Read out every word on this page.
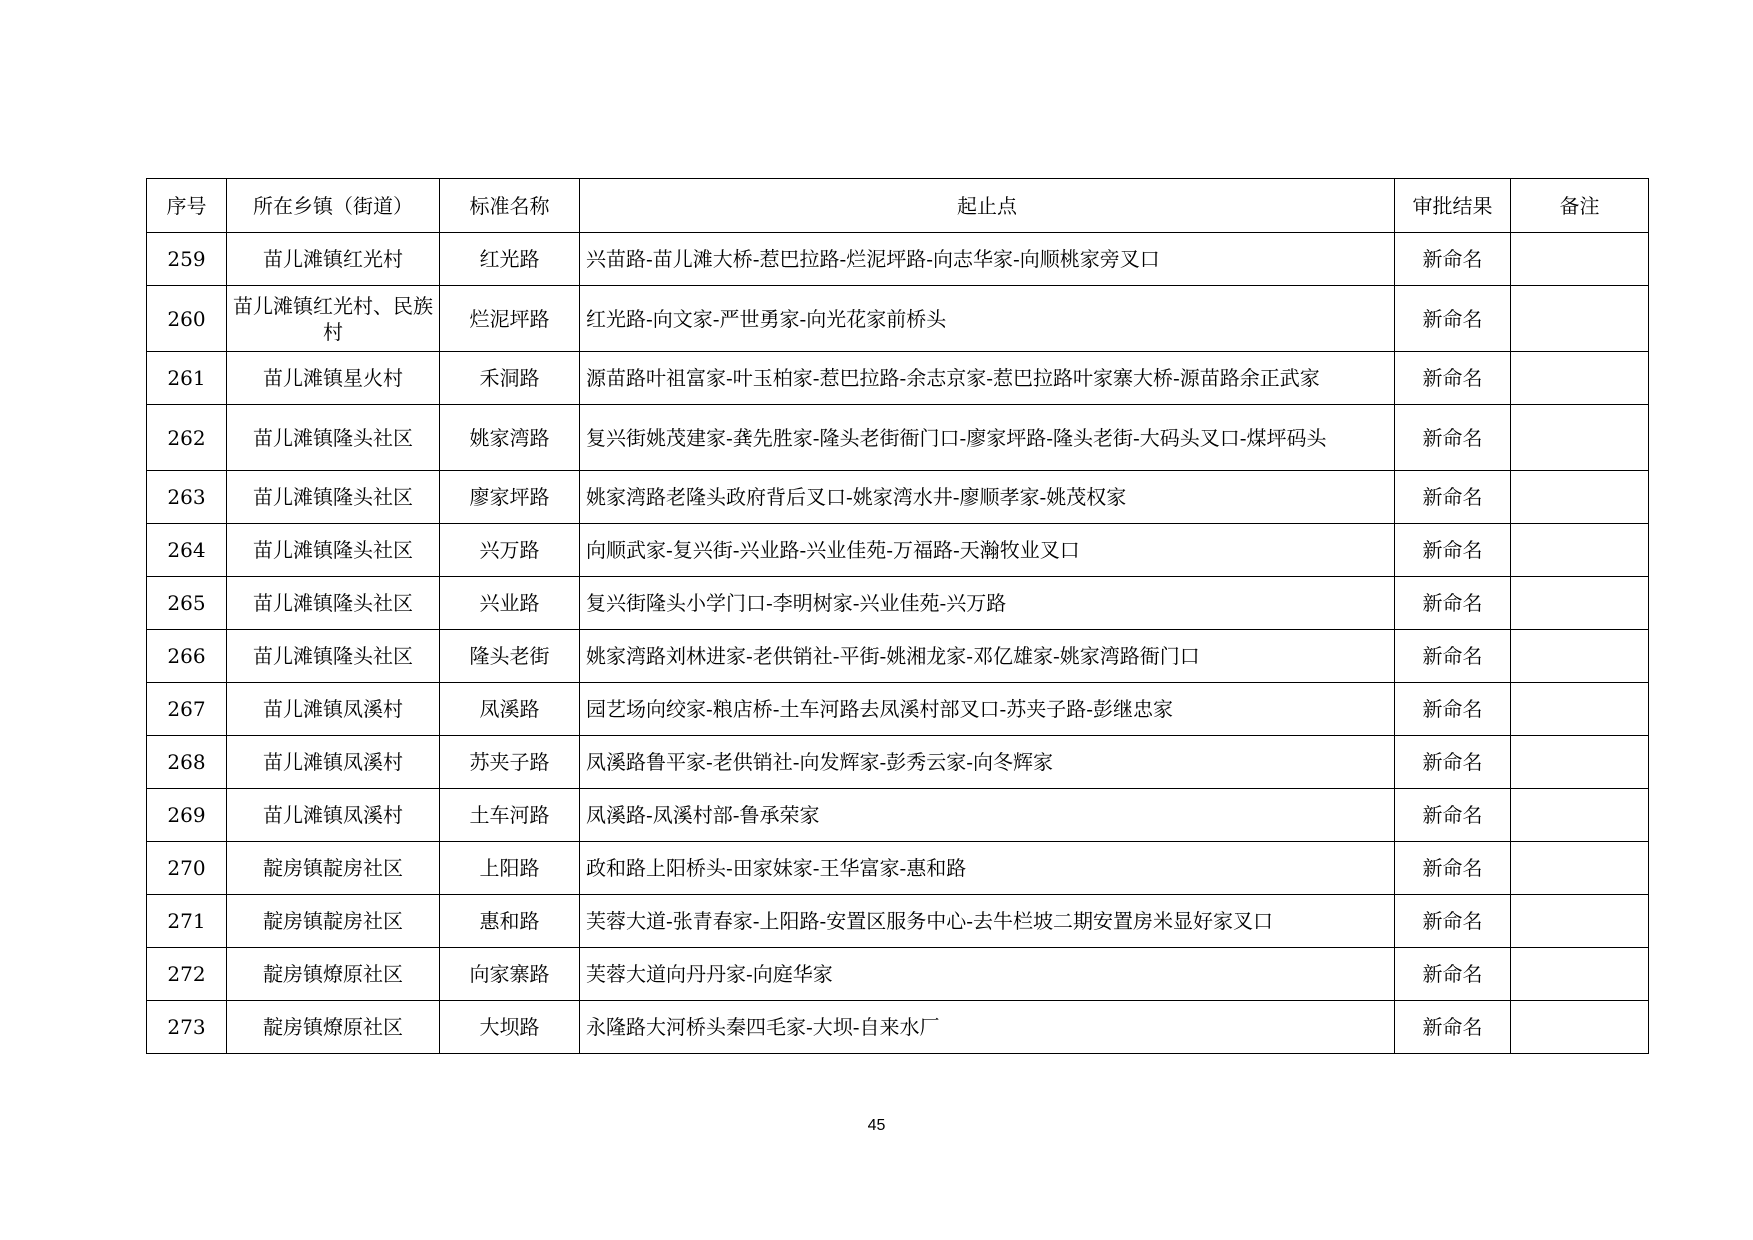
序号	所在乡镇（街道）	标准名称	起止点	审批结果	备注
259	苗儿滩镇红光村	红光路	兴苗路-苗儿滩大桥-惹巴拉路-烂泥坪路-向志华家-向顺桃家旁叉口	新命名	
260	苗儿滩镇红光村、民族村	烂泥坪路	红光路-向文家-严世勇家-向光花家前桥头	新命名	
261	苗儿滩镇星火村	禾洞路	源苗路叶祖富家-叶玉柏家-惹巴拉路-余志京家-惹巴拉路叶家寨大桥-源苗路余正武家	新命名	
262	苗儿滩镇隆头社区	姚家湾路	复兴街姚茂建家-龚先胜家-隆头老街衙门口-廖家坪路-隆头老街-大码头叉口-煤坪码头	新命名	
263	苗儿滩镇隆头社区	廖家坪路	姚家湾路老隆头政府背后叉口-姚家湾水井-廖顺孝家-姚茂权家	新命名	
264	苗儿滩镇隆头社区	兴万路	向顺武家-复兴街-兴业路-兴业佳苑-万福路-天瀚牧业叉口	新命名	
265	苗儿滩镇隆头社区	兴业路	复兴街隆头小学门口-李明树家-兴业佳苑-兴万路	新命名	
266	苗儿滩镇隆头社区	隆头老街	姚家湾路刘林进家-老供销社-平街-姚湘龙家-邓亿雄家-姚家湾路衙门口	新命名	
267	苗儿滩镇凤溪村	凤溪路	园艺场向绞家-粮店桥-土车河路去凤溪村部叉口-苏夹子路-彭继忠家	新命名	
268	苗儿滩镇凤溪村	苏夹子路	凤溪路鲁平家-老供销社-向发辉家-彭秀云家-向冬辉家	新命名	
269	苗儿滩镇凤溪村	土车河路	凤溪路-凤溪村部-鲁承荣家	新命名	
270	靛房镇靛房社区	上阳路	政和路上阳桥头-田家妹家-王华富家-惠和路	新命名	
271	靛房镇靛房社区	惠和路	芙蓉大道-张青春家-上阳路-安置区服务中心-去牛栏坡二期安置房米显好家叉口	新命名	
272	靛房镇燎原社区	向家寨路	芙蓉大道向丹丹家-向庭华家	新命名	
273	靛房镇燎原社区	大坝路	永隆路大河桥头秦四毛家-大坝-自来水厂	新命名	
45
